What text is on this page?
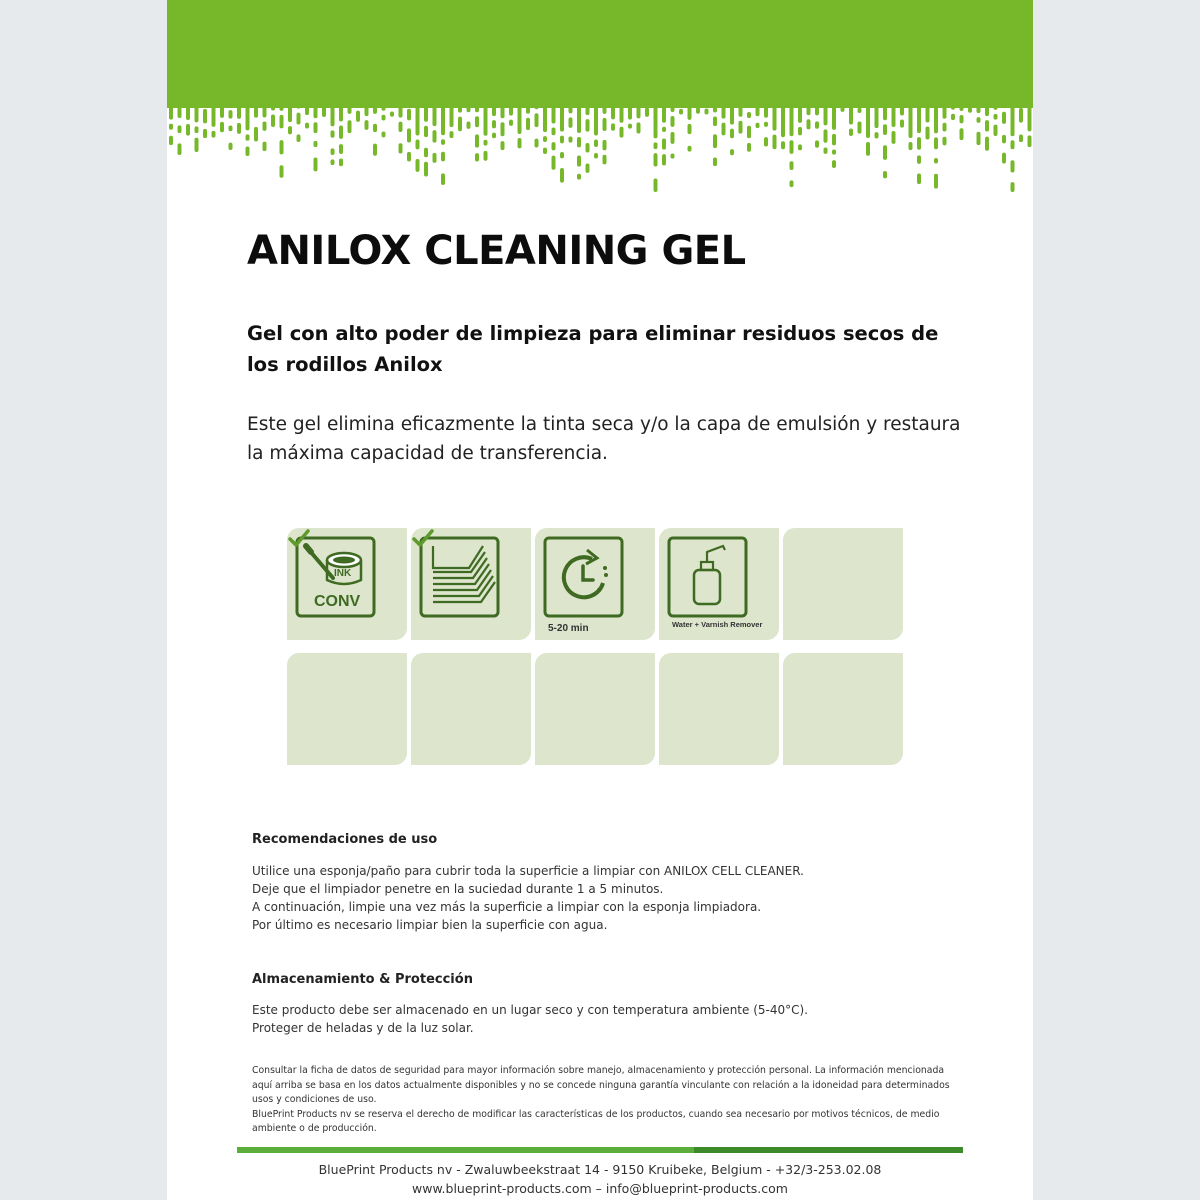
ANILOX CLEANING GEL

Gel con alto poder de limpieza para eliminar residuos secos de los rodillos Anilox

Este gel elimina eficazmente la tinta seca y/o la capa de emulsión y restaura la máxima capacidad de transferencia.

INK
CONV
5-20 min	Water + Varnish Remover
Recomendaciones de uso
Utilice una esponja/paño para cubrir toda la superficie a limpiar con ANILOX CELL CLEANER.
Deje que el limpiador penetre en la suciedad durante 1 a 5 minutos.
A continuación, limpie una vez más la superficie a limpiar con la esponja limpiadora.
Por último es necesario limpiar bien la superficie con agua.
Almacenamiento & Protección
Este producto debe ser almacenado en un lugar seco y con temperatura ambiente (5-40°C).
Proteger de heladas y de la luz solar.

Consultar la ficha de datos de seguridad para mayor información sobre manejo, almacenamiento y protección personal. La información mencionada aquí arriba se basa en los datos actualmente disponibles y no se concede ninguna garantía vinculante con relación a la idoneidad para determinados usos y condiciones de uso.

BluePrint Products nv se reserva el derecho de modificar las características de los productos, cuando sea necesario por motivos técnicos, de medio ambiente o de producción.

BluePrint Products nv - Zwaluwbeekstraat 14 - 9150 Kruibeke, Belgium - +32/3-253.02.08
www.blueprint-products.com – info@blueprint-products.com
